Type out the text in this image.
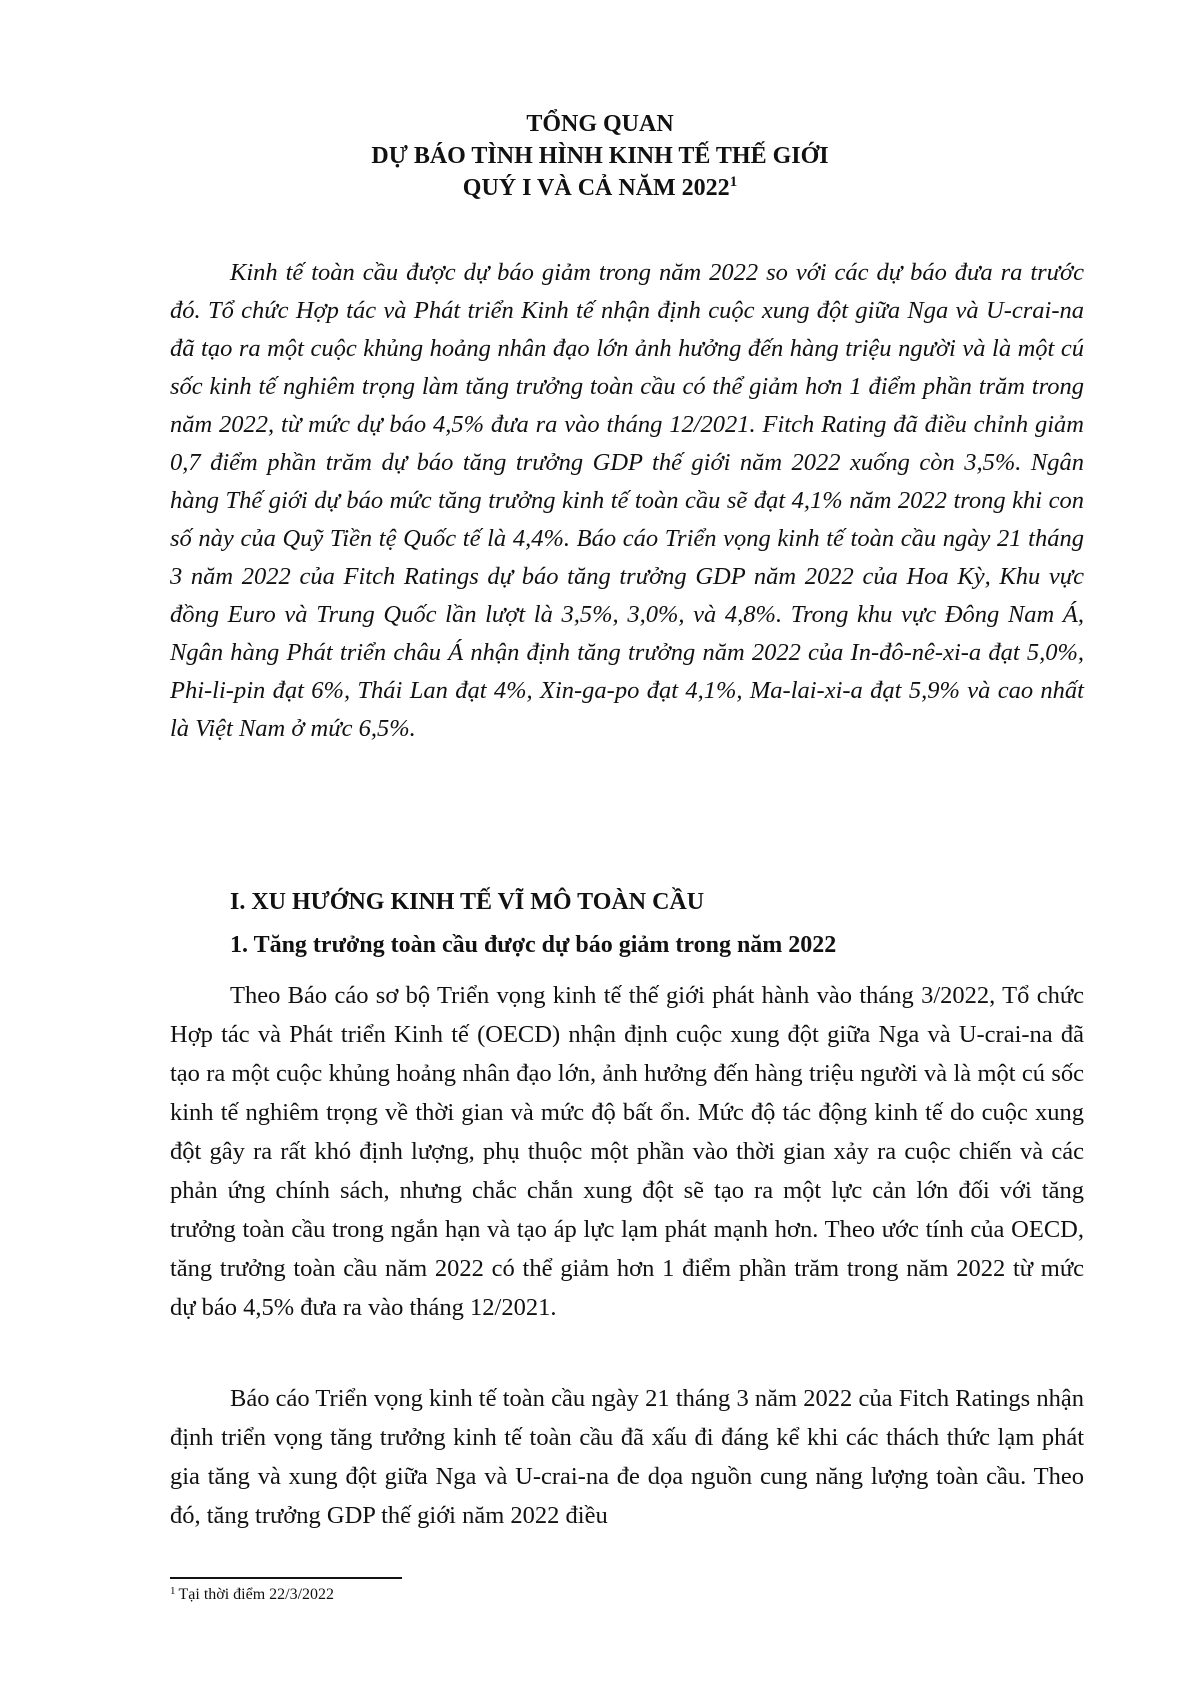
TỔNG QUAN
DỰ BÁO TÌNH HÌNH KINH TẾ THẾ GIỚI
QUÝ I VÀ CẢ NĂM 2022$^1$

Kinh tế toàn cầu được dự báo giảm trong năm 2022 so với các dự báo đưa ra trước đó. Tổ chức Hợp tác và Phát triển Kinh tế nhận định cuộc xung đột giữa Nga và U-crai-na đã tạo ra một cuộc khủng hoảng nhân đạo lớn ảnh hưởng đến hàng triệu người và là một cú sốc kinh tế nghiêm trọng làm tăng trưởng toàn cầu có thể giảm hơn 1 điểm phần trăm trong năm 2022, từ mức dự báo 4,5% đưa ra vào tháng 12/2021. Fitch Rating đã điều chỉnh giảm 0,7 điểm phần trăm dự báo tăng trưởng GDP thế giới năm 2022 xuống còn 3,5%. Ngân hàng Thế giới dự báo mức tăng trưởng kinh tế toàn cầu sẽ đạt 4,1% năm 2022 trong khi con số này của Quỹ Tiền tệ Quốc tế là 4,4%. Báo cáo Triển vọng kinh tế toàn cầu ngày 21 tháng 3 năm 2022 của Fitch Ratings dự báo tăng trưởng GDP năm 2022 của Hoa Kỳ, Khu vực đồng Euro và Trung Quốc lần lượt là 3,5%, 3,0%, và 4,8%. Trong khu vực Đông Nam Á, Ngân hàng Phát triển châu Á nhận định tăng trưởng năm 2022 của In-đô-nê-xi-a đạt 5,0%, Phi-li-pin đạt 6%, Thái Lan đạt 4%, Xin-ga-po đạt 4,1%, Ma-lai-xi-a đạt 5,9% và cao nhất là Việt Nam ở mức 6,5%.

I. XU HƯỚNG KINH TẾ VĨ MÔ TOÀN CẦU
1. Tăng trưởng toàn cầu được dự báo giảm trong năm 2022

Theo Báo cáo sơ bộ Triển vọng kinh tế thế giới phát hành vào tháng 3/2022, Tổ chức Hợp tác và Phát triển Kinh tế (OECD) nhận định cuộc xung đột giữa Nga và U-crai-na đã tạo ra một cuộc khủng hoảng nhân đạo lớn, ảnh hưởng đến hàng triệu người và là một cú sốc kinh tế nghiêm trọng về thời gian và mức độ bất ổn. Mức độ tác động kinh tế do cuộc xung đột gây ra rất khó định lượng, phụ thuộc một phần vào thời gian xảy ra cuộc chiến và các phản ứng chính sách, nhưng chắc chắn xung đột sẽ tạo ra một lực cản lớn đối với tăng trưởng toàn cầu trong ngắn hạn và tạo áp lực lạm phát mạnh hơn. Theo ước tính của OECD, tăng trưởng toàn cầu năm 2022 có thể giảm hơn 1 điểm phần trăm trong năm 2022 từ mức dự báo 4,5% đưa ra vào tháng 12/2021.

Báo cáo Triển vọng kinh tế toàn cầu ngày 21 tháng 3 năm 2022 của Fitch Ratings nhận định triển vọng tăng trưởng kinh tế toàn cầu đã xấu đi đáng kể khi các thách thức lạm phát gia tăng và xung đột giữa Nga và U-crai-na đe dọa nguồn cung năng lượng toàn cầu. Theo đó, tăng trưởng GDP thế giới năm 2022 điều

$^1$ Tại thời điểm 22/3/2022
